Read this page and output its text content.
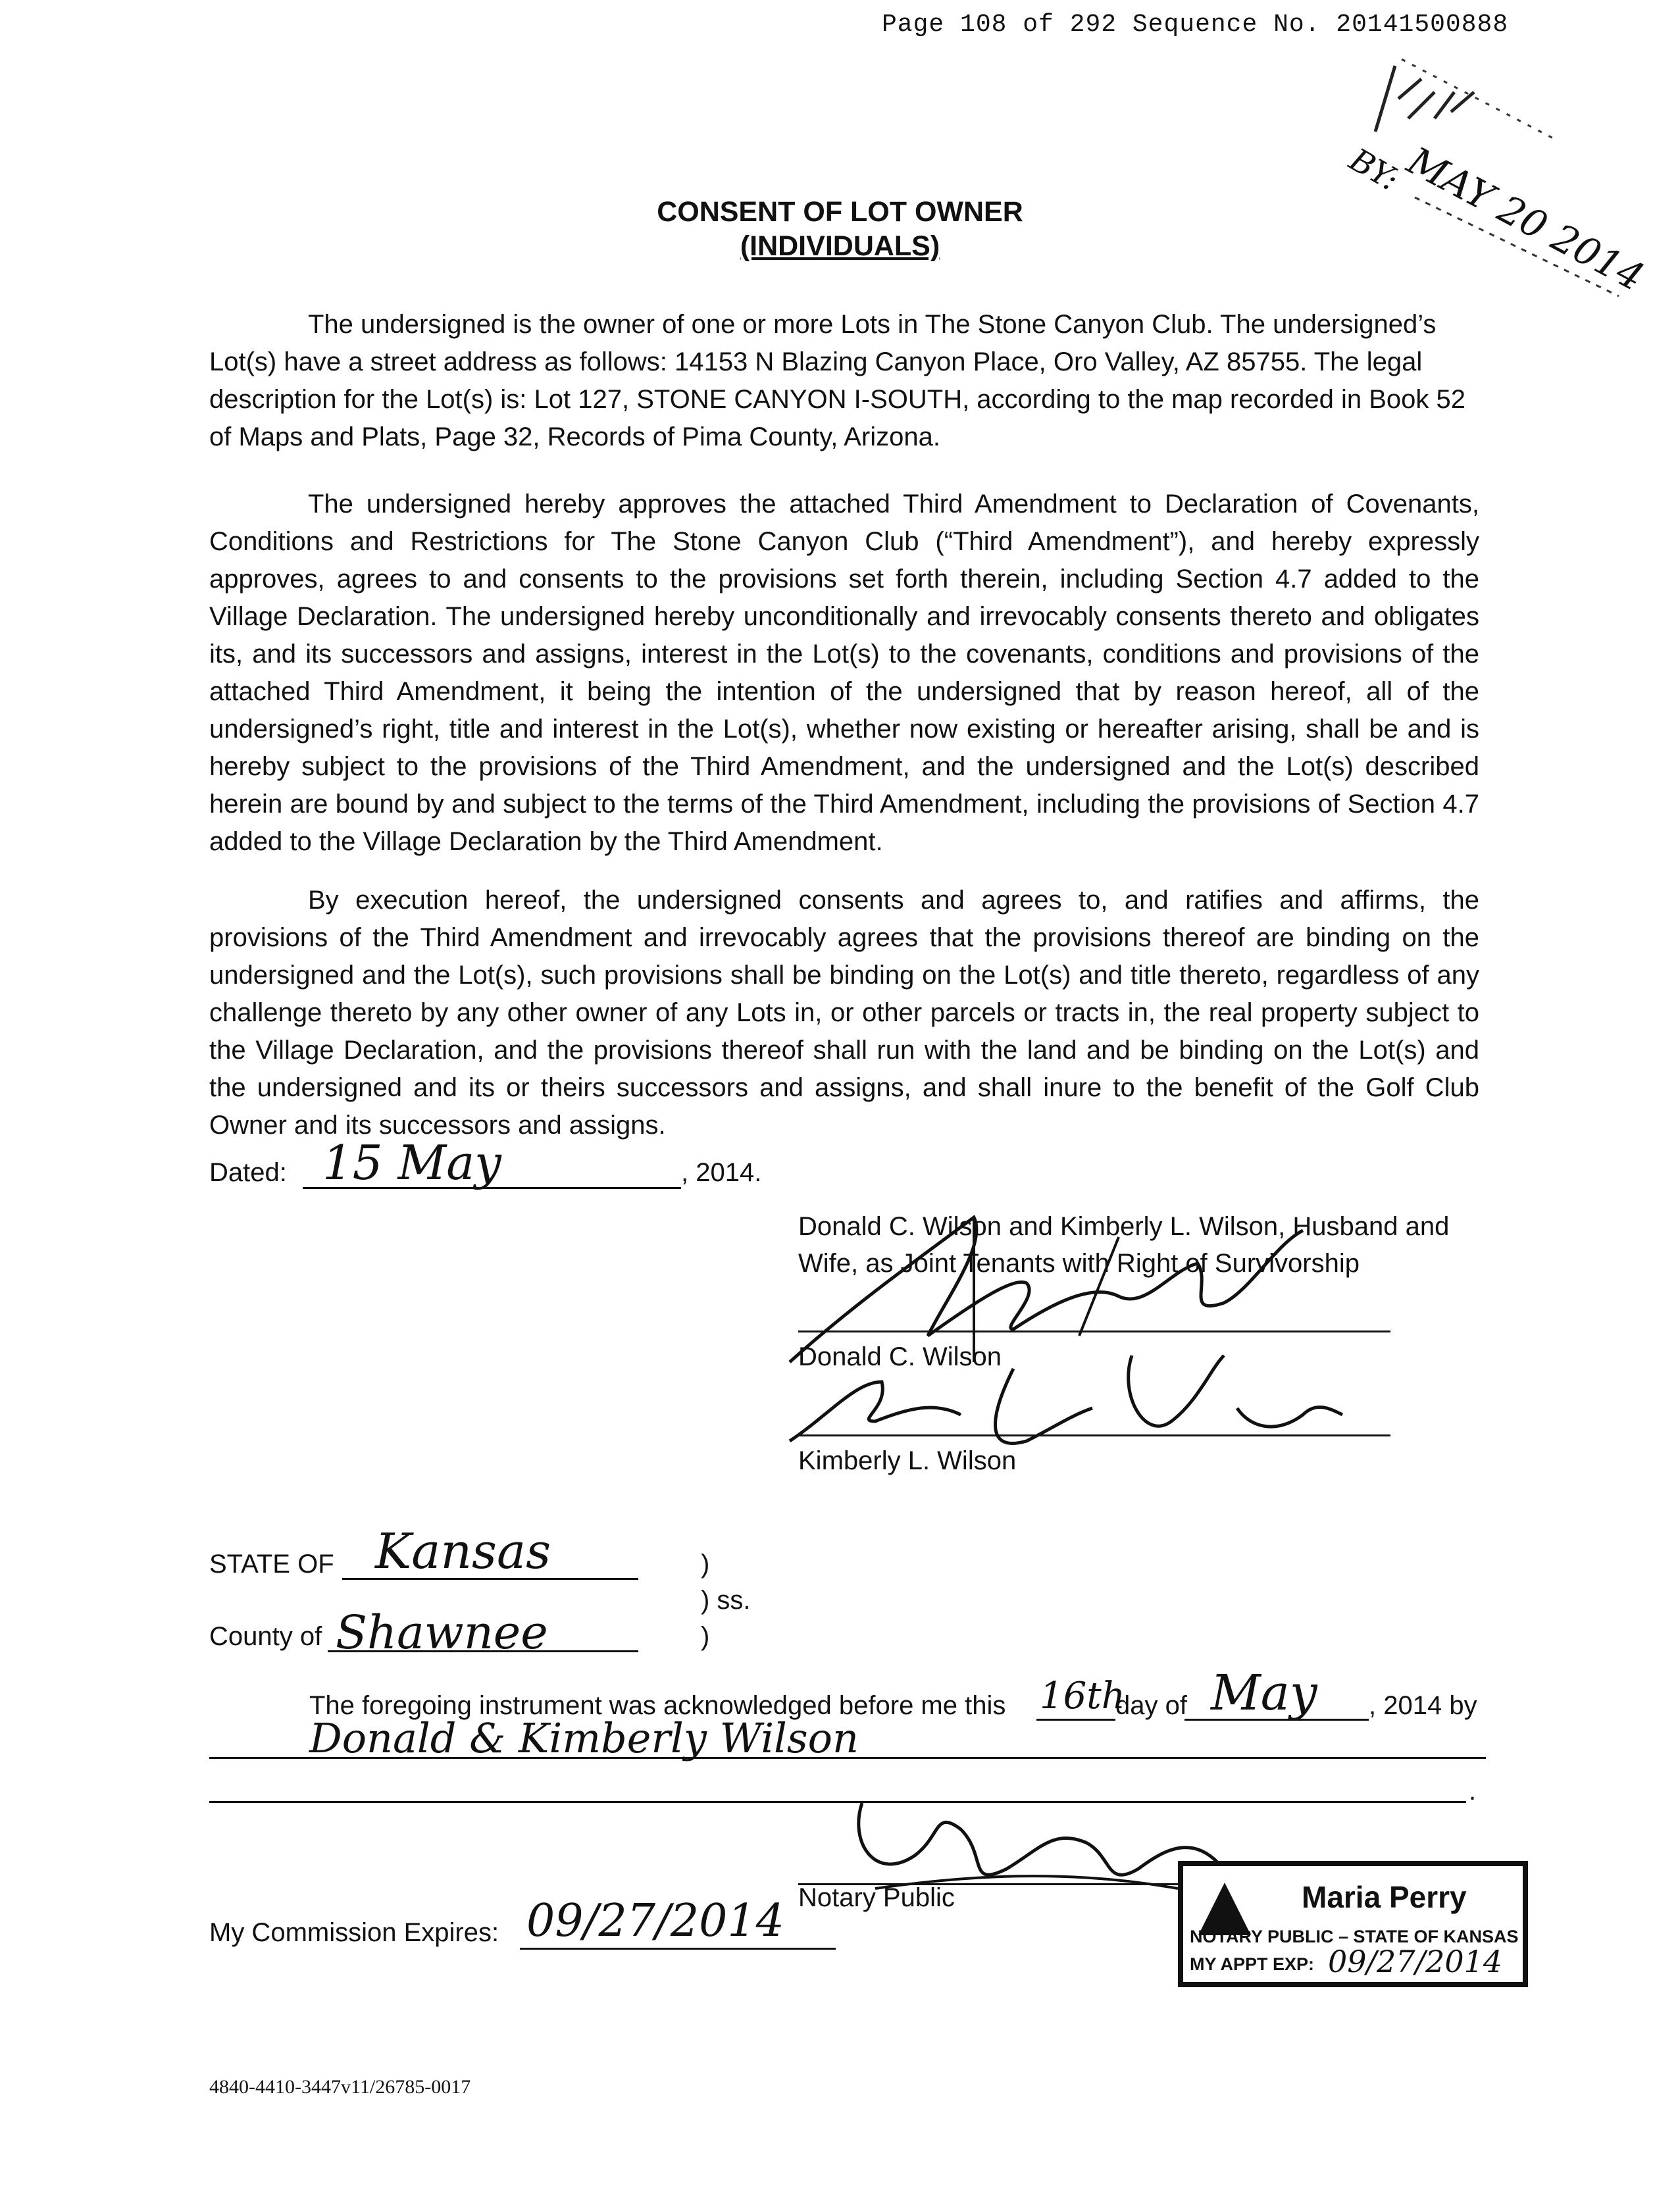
Page 108 of 292 Sequence No. 20141500888
MAY 20 2014
BY:
CONSENT OF LOT OWNER
(INDIVIDUALS)
The undersigned is the owner of one or more Lots in The Stone Canyon Club. The undersigned’s Lot(s) have a street address as follows: 14153 N Blazing Canyon Place, Oro Valley, AZ 85755. The legal description for the Lot(s) is: Lot 127, STONE CANYON I-SOUTH, according to the map recorded in Book 52 of Maps and Plats, Page 32, Records of Pima County, Arizona.
The undersigned hereby approves the attached Third Amendment to Declaration of Covenants, Conditions and Restrictions for The Stone Canyon Club (“Third Amendment”), and hereby expressly approves, agrees to and consents to the provisions set forth therein, including Section 4.7 added to the Village Declaration. The undersigned hereby unconditionally and irrevocably consents thereto and obligates its, and its successors and assigns, interest in the Lot(s) to the covenants, conditions and provisions of the attached Third Amendment, it being the intention of the undersigned that by reason hereof, all of the undersigned’s right, title and interest in the Lot(s), whether now existing or hereafter arising, shall be and is hereby subject to the provisions of the Third Amendment, and the undersigned and the Lot(s) described herein are bound by and subject to the terms of the Third Amendment, including the provisions of Section 4.7 added to the Village Declaration by the Third Amendment.
By execution hereof, the undersigned consents and agrees to, and ratifies and affirms, the provisions of the Third Amendment and irrevocably agrees that the provisions thereof are binding on the undersigned and the Lot(s), such provisions shall be binding on the Lot(s) and title thereto, regardless of any challenge thereto by any other owner of any Lots in, or other parcels or tracts in, the real property subject to the Village Declaration, and the provisions thereof shall run with the land and be binding on the Lot(s) and the undersigned and its or theirs successors and assigns, and shall inure to the benefit of the Golf Club Owner and its successors and assigns.
Dated: 15 May	, 2014.
Donald C. Wilson and Kimberly L. Wilson, Husband and
Wife, as Joint Tenants with Right of Survivorship
Donald C. Wilson
Kimberly L. Wilson
STATE OF Kansas	)
) ss.
County of Shawnee	)
The foregoing instrument was acknowledged before me this 16th
day of May , 2014 by
Donald & Kimberly Wilson
.
Notary Public
My Commission Expires: 09/27/2014	Maria Perry
NOTARY PUBLIC – STATE OF KANSAS
MY APPT EXP: 09/27/2014
4840-4410-3447v11/26785-0017
